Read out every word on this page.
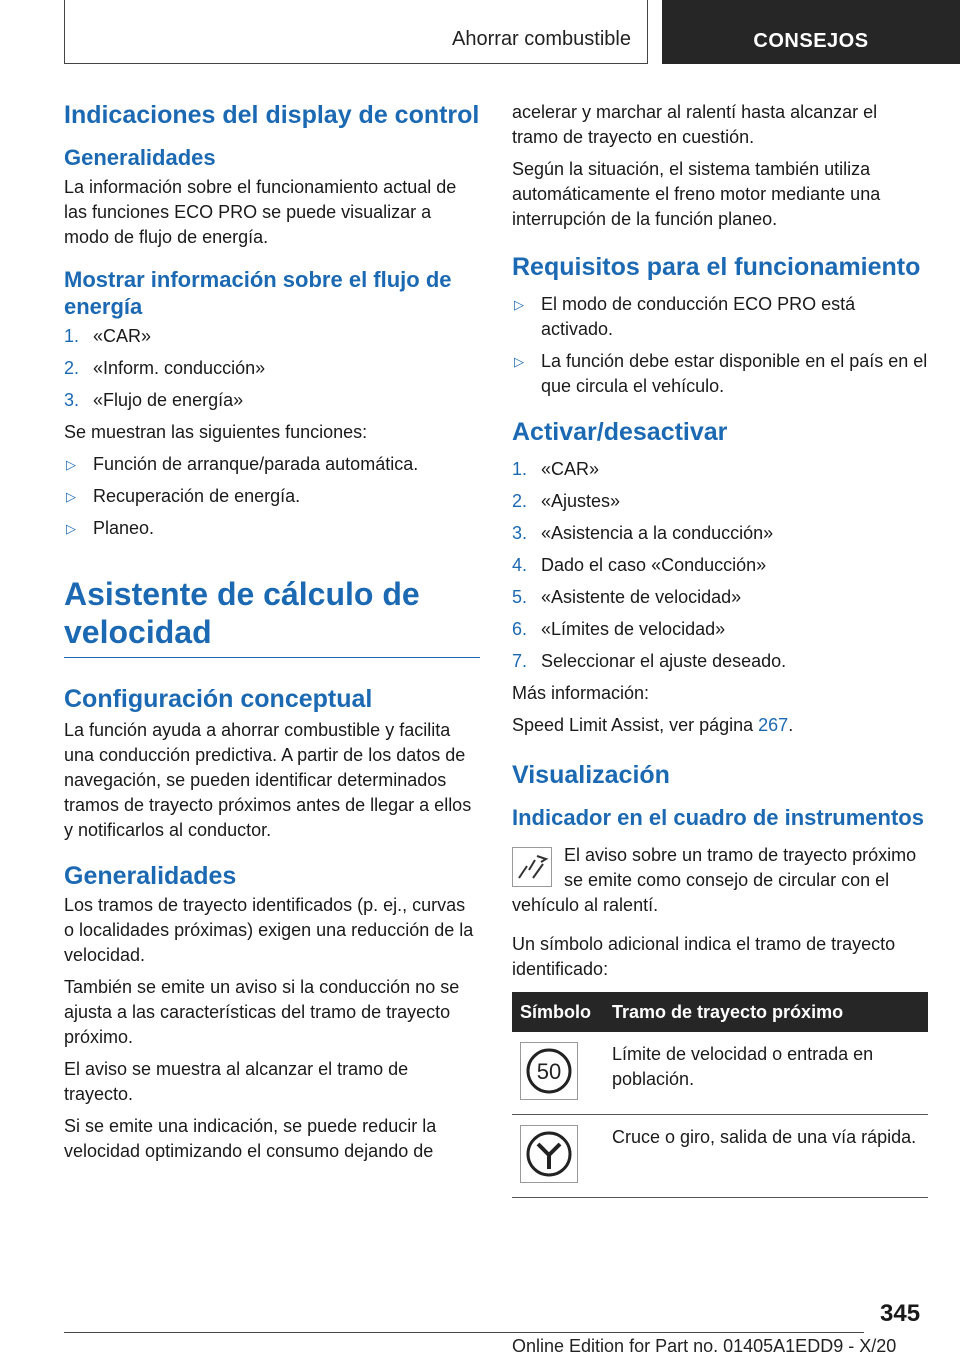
Ahorrar combustible	CONSEJOS
Indicaciones del display de control
Generalidades

La información sobre el funcionamiento actual de las funciones ECO PRO se puede visualizar a modo de flujo de energía.

Mostrar información sobre el flujo de energía
1. «CAR»
2. «Inform. conducción»
3. «Flujo de energía»

Se muestran las siguientes funciones:

▷ Función de arranque/parada automática.
▷ Recuperación de energía.
▷ Planeo.
Asistente de cálculo de velocidad
Configuración conceptual

La función ayuda a ahorrar combustible y facilita una conducción predictiva. A partir de los datos de navegación, se pueden identificar determinados tramos de trayecto próximos antes de llegar a ellos y notificarlos al conductor.

Generalidades

Los tramos de trayecto identificados (p. ej., curvas o localidades próximas) exigen una reducción de la velocidad.

También se emite un aviso si la conducción no se ajusta a las características del tramo de trayecto próximo.

El aviso se muestra al alcanzar el tramo de trayecto.

Si se emite una indicación, se puede reducir la velocidad optimizando el consumo dejando de

acelerar y marchar al ralentí hasta alcanzar el tramo de trayecto en cuestión.

Según la situación, el sistema también utiliza automáticamente el freno motor mediante una interrupción de la función planeo.

Requisitos para el funcionamiento
▷ El modo de conducción ECO PRO está activado.
▷ La función debe estar disponible en el país en el que circula el vehículo.
Activar/desactivar
1. «CAR»
2. «Ajustes»
3. «Asistencia a la conducción»
4. Dado el caso «Conducción»
5. «Asistente de velocidad»
6. «Límites de velocidad»
7. Seleccionar el ajuste deseado.

Más información:

Speed Limit Assist, ver página 267.

Visualización
Indicador en el cuadro de instrumentos

El aviso sobre un tramo de trayecto próximo se emite como consejo de circular con el vehículo al ralentí.

Un símbolo adicional indica el tramo de trayecto identificado:

Símbolo	Tramo de trayecto próximo

50	Límite de velocidad o entrada en población.

	Cruce o giro, salida de una vía rápida.
345
Online Edition for Part no. 01405A1EDD9 - X/20
